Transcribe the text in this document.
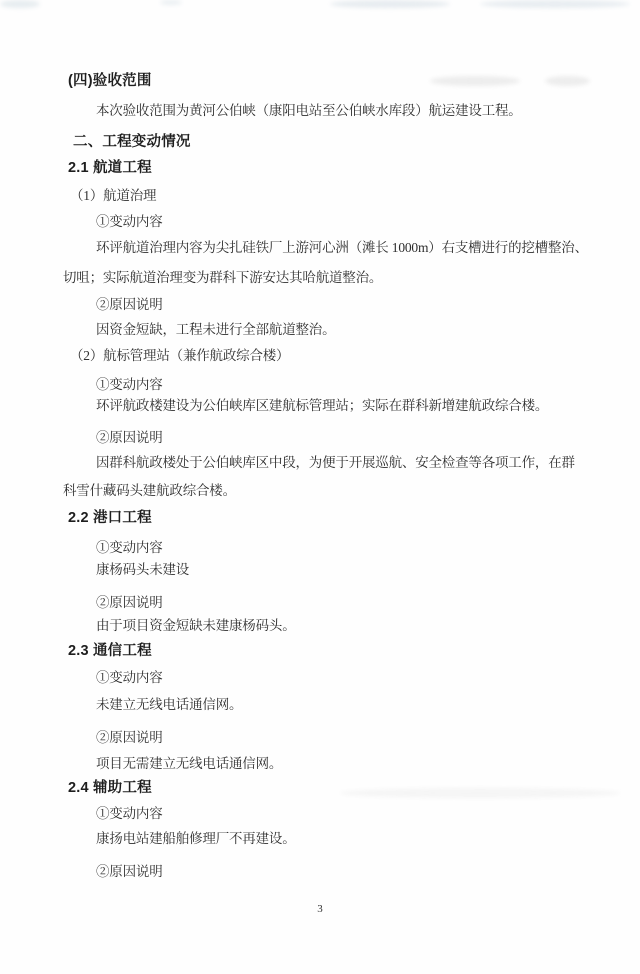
(四)验收范围
本次验收范围为黄河公伯峡（康阳电站至公伯峡水库段）航运建设工程。
二、工程变动情况
2.1 航道工程
（1）航道治理
①变动内容
环评航道治理内容为尖扎硅铁厂上游河心洲（滩长 1000m）右支槽进行的挖槽整治、
切咀；实际航道治理变为群科下游安达其哈航道整治。
②原因说明
因资金短缺，工程未进行全部航道整治。
（2）航标管理站（兼作航政综合楼）
①变动内容
环评航政楼建设为公伯峡库区建航标管理站；实际在群科新增建航政综合楼。
②原因说明
因群科航政楼处于公伯峡库区中段，为便于开展巡航、安全检查等各项工作，在群
科雪什藏码头建航政综合楼。
2.2 港口工程
①变动内容
康杨码头未建设
②原因说明
由于项目资金短缺未建康杨码头。
2.3 通信工程
①变动内容
未建立无线电话通信网。
②原因说明
项目无需建立无线电话通信网。
2.4 辅助工程
①变动内容
康扬电站建船舶修理厂不再建设。
②原因说明
3
